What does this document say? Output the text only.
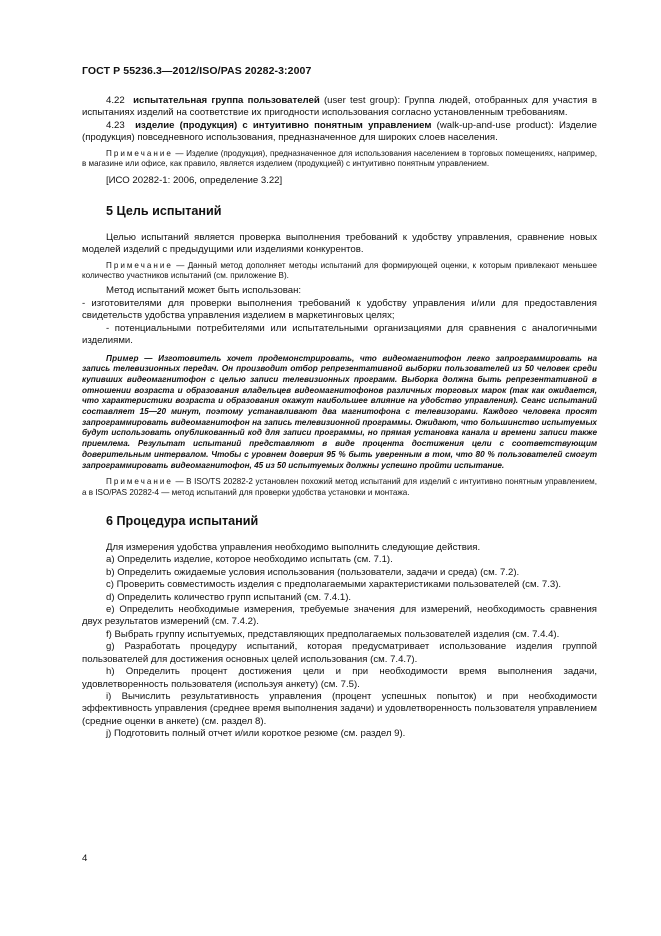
ГОСТ Р 55236.3—2012/ISO/PAS 20282-3:2007

4.22 испытательная группа пользователей (user test group): Группа людей, отобранных для участия в испытаниях изделий на соответствие их пригодности использования согласно установленным требованиям.

4.23 изделие (продукция) с интуитивно понятным управлением (walk-up-and-use product): Изделие (продукция) повседневного использования, предназначенное для широких слоев населения.

Примечание — Изделие (продукция), предназначенное для использования населением в торговых помещениях, например, в магазине или офисе, как правило, является изделием (продукцией) с интуитивно понятным управлением.

[ИСО 20282-1: 2006, определение 3.22]

5 Цель испытаний

Целью испытаний является проверка выполнения требований к удобству управления, сравнение новых моделей изделий с предыдущими или изделиями конкурентов.

Примечание — Данный метод дополняет методы испытаний для формирующей оценки, к которым привлекают меньшее количество участников испытаний (см. приложение В).

Метод испытаний может быть использован:

- изготовителями для проверки выполнения требований к удобству управления и/или для предоставления свидетельств удобства управления изделием в маркетинговых целях;

- потенциальными потребителями или испытательными организациями для сравнения с аналогичными изделиями.

Пример — Изготовитель хочет продемонстрировать, что видеомагнитофон легко запрограммировать на запись телевизионных передач. Он производит отбор репрезентативной выборки пользователей из 50 человек среди купивших видеомагнитофон с целью записи телевизионных программ. Выборка должна быть репрезентативной в отношении возраста и образования владельцев видеомагнитофонов различных торговых марок (так как ожидается, что характеристики возраста и образования окажут наибольшее влияние на удобство управления). Сеанс испытаний составляет 15—20 минут, поэтому устанавливают два магнитофона с телевизорами. Каждого человека просят запрограммировать видеомагнитофон на запись телевизионной программы. Ожидают, что большинство испытуемых будут использовать опубликованный код для записи программы, но прямая установка канала и времени записи также приемлема. Результат испытаний представляют в виде процента достижения цели с соответствующим доверительным интервалом. Чтобы с уровнем доверия 95 % быть уверенным в том, что 80 % пользователей смогут запрограммировать видеомагнитофон, 45 из 50 испытуемых должны успешно пройти испытание.

Примечание — В ISO/TS 20282-2 установлен похожий метод испытаний для изделий с интуитивно понятным управлением, а в ISO/PAS 20282-4 — метод испытаний для проверки удобства установки и монтажа.

6 Процедура испытаний

Для измерения удобства управления необходимо выполнить следующие действия.

a) Определить изделие, которое необходимо испытать (см. 7.1).

b) Определить ожидаемые условия использования (пользователи, задачи и среда) (см. 7.2).

c) Проверить совместимость изделия с предполагаемыми характеристиками пользователей (см. 7.3).

d) Определить количество групп испытаний (см. 7.4.1).

e) Определить необходимые измерения, требуемые значения для измерений, необходимость сравнения двух результатов измерений (см. 7.4.2).

f) Выбрать группу испытуемых, представляющих предполагаемых пользователей изделия (см. 7.4.4).

g) Разработать процедуру испытаний, которая предусматривает использование изделия группой пользователей для достижения основных целей использования (см. 7.4.7).

h) Определить процент достижения цели и при необходимости время выполнения задачи, удовлетворенность пользователя (используя анкету) (см. 7.5).

i) Вычислить результативность управления (процент успешных попыток) и при необходимости эффективность управления (среднее время выполнения задачи) и удовлетворенность пользователя управлением (средние оценки в анкете) (см. раздел 8).

j) Подготовить полный отчет и/или короткое резюме (см. раздел 9).

4
